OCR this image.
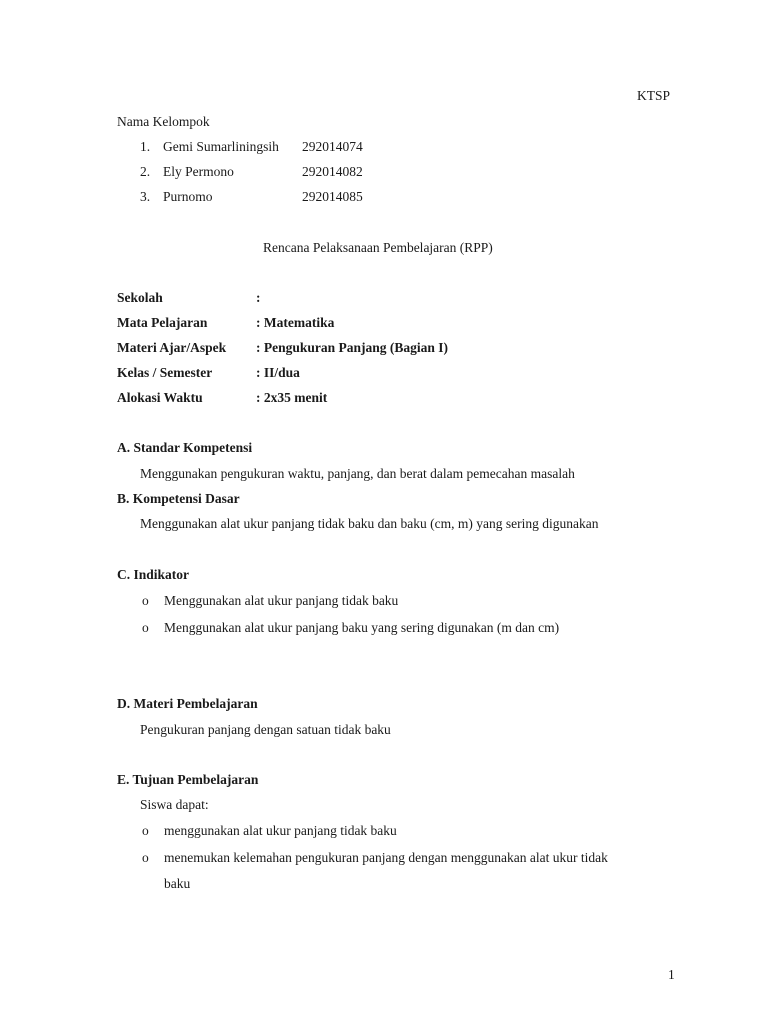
KTSP
Nama Kelompok
1. Gemi Sumarliningsih 292014074
2. Ely Permono	292014082
3. Purnomo	292014085
Rencana Pelaksanaan Pembelajaran (RPP)
Sekolah	:
Mata Pelajaran	: Matematika
Materi Ajar/Aspek : Pengukuran Panjang (Bagian I)
Kelas / Semester	: II/dua
Alokasi Waktu	: 2x35 menit
A. Standar Kompetensi
Menggunakan pengukuran waktu, panjang, dan berat dalam pemecahan masalah
B. Kompetensi Dasar
Menggunakan alat ukur panjang tidak baku dan baku (cm, m) yang sering digunakan
C. Indikator
o Menggunakan alat ukur panjang tidak baku
o Menggunakan alat ukur panjang baku yang sering digunakan (m dan cm)
D. Materi Pembelajaran
Pengukuran panjang dengan satuan tidak baku
E. Tujuan Pembelajaran
Siswa dapat:
o menggunakan alat ukur panjang tidak baku
o menemukan kelemahan pengukuran panjang dengan menggunakan alat ukur tidak
baku
1
